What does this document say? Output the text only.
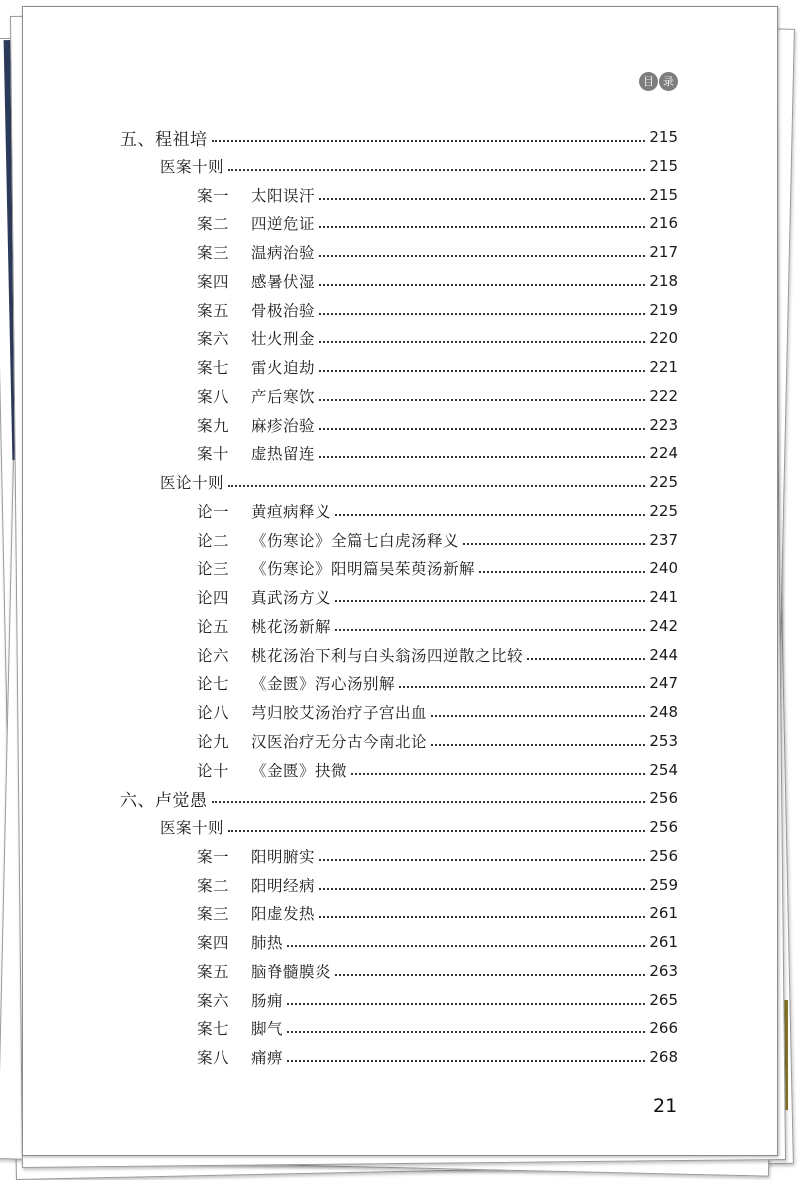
目 录
五、程祖培	215
医案十则	215
案一 太阳误汗	215
案二 四逆危证	216
案三 温病治验	217
案四 感暑伏湿	218
案五 骨极治验	219
案六 壮火刑金	220
案七 雷火迫劫	221
案八 产后寒饮	222
案九 麻疹治验	223
案十 虚热留连	224
医论十则	225
论一 黄疸病释义	225
论二 《伤寒论》全篇七白虎汤释义	237
论三 《伤寒论》阳明篇吴茱萸汤新解	240
论四 真武汤方义	241
论五 桃花汤新解	242
论六 桃花汤治下利与白头翁汤四逆散之比较	244
论七 《金匮》泻心汤别解	247
论八 芎归胶艾汤治疗子宫出血	248
论九 汉医治疗无分古今南北论	253
论十 《金匮》抉微	254
六、卢觉愚	256
医案十则	256
案一 阳明腑实	256
案二 阳明经病	259
案三 阳虚发热	261
案四 肺热	261
案五 脑脊髓膜炎	263
案六 肠痈	265
案七 脚气	266
案八 痛痹	268
21
